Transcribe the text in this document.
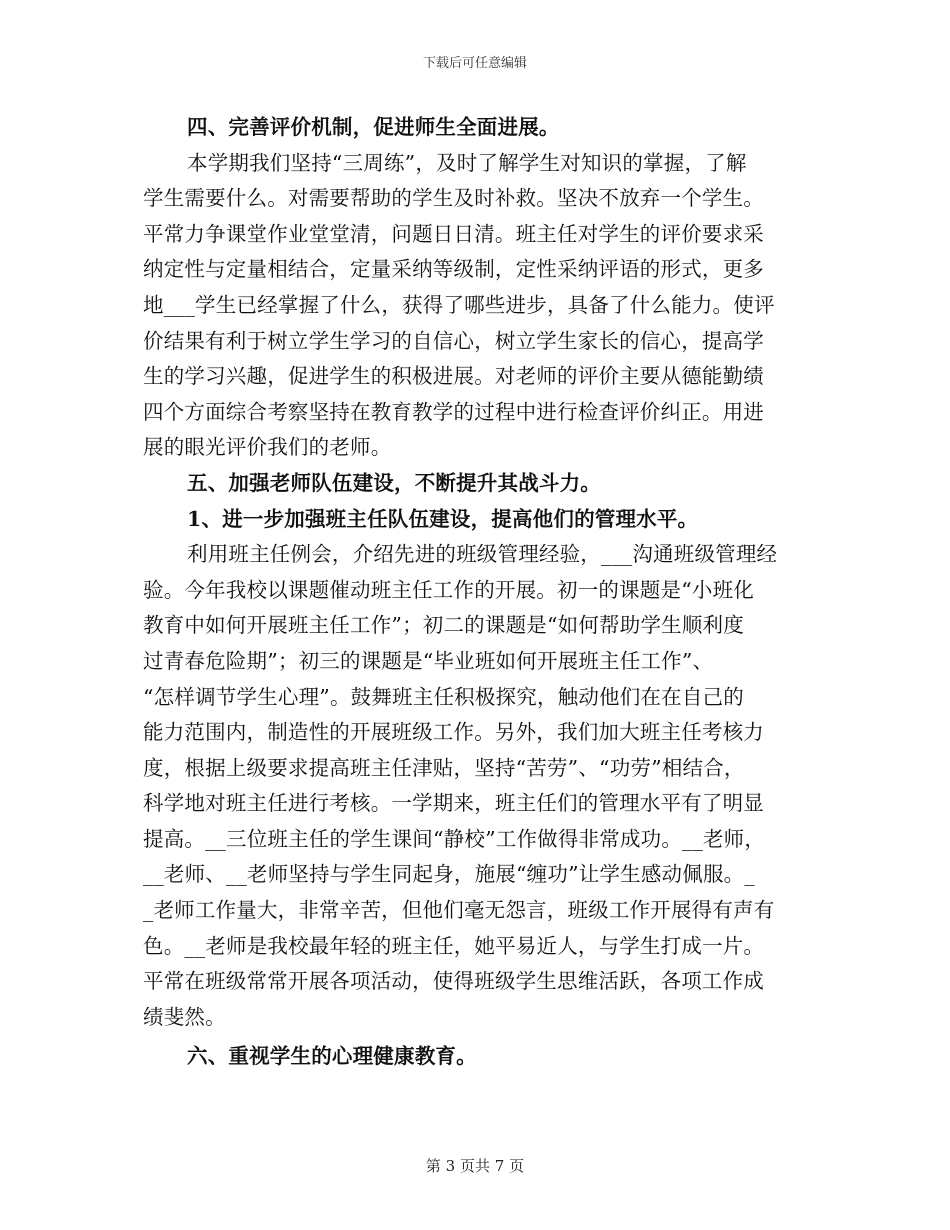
下载后可任意编辑
四、完善评价机制，促进师生全面进展。
本学期我们坚持“三周练”，及时了解学生对知识的掌握，了解
学生需要什么。对需要帮助的学生及时补救。坚决不放弃一个学生。
平常力争课堂作业堂堂清，问题日日清。班主任对学生的评价要求采
纳定性与定量相结合，定量采纳等级制，定性采纳评语的形式，更多
地___学生已经掌握了什么，获得了哪些进步，具备了什么能力。使评
价结果有利于树立学生学习的自信心，树立学生家长的信心，提高学
生的学习兴趣，促进学生的积极进展。对老师的评价主要从德能勤绩
四个方面综合考察坚持在教育教学的过程中进行检查评价纠正。用进
展的眼光评价我们的老师。
五、加强老师队伍建设，不断提升其战斗力。
1、进一步加强班主任队伍建设，提高他们的管理水平。
利用班主任例会，介绍先进的班级管理经验，___沟通班级管理经
验。今年我校以课题催动班主任工作的开展。初一的课题是“小班化
教育中如何开展班主任工作”；初二的课题是“如何帮助学生顺利度
过青春危险期”；初三的课题是“毕业班如何开展班主任工作”、
“怎样调节学生心理”。鼓舞班主任积极探究，触动他们在在自己的
能力范围内，制造性的开展班级工作。另外，我们加大班主任考核力
度，根据上级要求提高班主任津贴，坚持“苦劳”、“功劳”相结合，
科学地对班主任进行考核。一学期来，班主任们的管理水平有了明显
提高。__三位班主任的学生课间“静校”工作做得非常成功。__老师，
__老师、__老师坚持与学生同起身，施展“缠功”让学生感动佩服。_
_老师工作量大，非常辛苦，但他们毫无怨言，班级工作开展得有声有
色。__老师是我校最年轻的班主任，她平易近人，与学生打成一片。
平常在班级常常开展各项活动，使得班级学生思维活跃，各项工作成
绩斐然。
六、重视学生的心理健康教育。
第 3 页共 7 页
